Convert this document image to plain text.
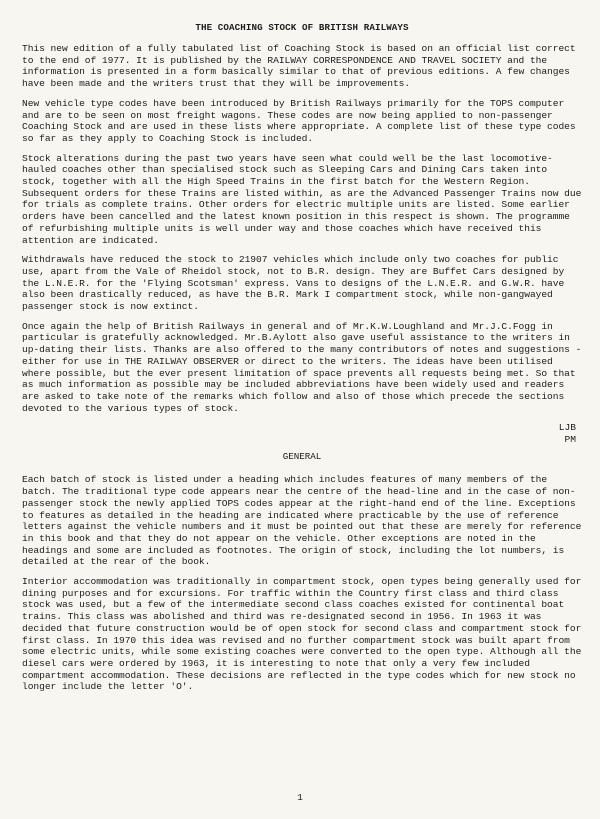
THE COACHING STOCK OF BRITISH RAILWAYS

This new edition of a fully tabulated list of Coaching Stock is based on an official list correct to the end of 1977. It is published by the RAILWAY CORRESPONDENCE AND TRAVEL SOCIETY and the information is presented in a form basically similar to that of previous editions. A few changes have been made and the writers trust that they will be improvements.

New vehicle type codes have been introduced by British Railways primarily for the TOPS computer and are to be seen on most freight wagons. These codes are now being applied to non-passenger Coaching Stock and are used in these lists where appropriate. A complete list of these type codes so far as they apply to Coaching Stock is included.

Stock alterations during the past two years have seen what could well be the last locomotive-hauled coaches other than specialised stock such as Sleeping Cars and Dining Cars taken into stock, together with all the High Speed Trains in the first batch for the Western Region. Subsequent orders for these Trains are listed within, as are the Advanced Passenger Trains now due for trials as complete trains. Other orders for electric multiple units are listed. Some earlier orders have been cancelled and the latest known position in this respect is shown. The programme of refurbishing multiple units is well under way and those coaches which have received this attention are indicated.

Withdrawals have reduced the stock to 21907 vehicles which include only two coaches for public use, apart from the Vale of Rheidol stock, not to B.R. design. They are Buffet Cars designed by the L.N.E.R. for the 'Flying Scotsman' express. Vans to designs of the L.N.E.R. and G.W.R. have also been drastically reduced, as have the B.R. Mark I compartment stock, while non-gangwayed passenger stock is now extinct.

Once again the help of British Railways in general and of Mr.K.W.Loughland and Mr.J.C.Fogg in particular is gratefully acknowledged. Mr.B.Aylott also gave useful assistance to the writers in up-dating their lists. Thanks are also offered to the many contributors of notes and suggestions - either for use in THE RAILWAY OBSERVER or direct to the writers. The ideas have been utilised where possible, but the ever present limitation of space prevents all requests being met. So that as much information as possible may be included abbreviations have been widely used and readers are asked to take note of the remarks which follow and also of those which precede the sections devoted to the various types of stock.

LJB
PM
GENERAL

Each batch of stock is listed under a heading which includes features of many members of the batch. The traditional type code appears near the centre of the head-line and in the case of non-passenger stock the newly applied TOPS codes appear at the right-hand end of the line. Exceptions to features as detailed in the heading are indicated where practicable by the use of reference letters against the vehicle numbers and it must be pointed out that these are merely for reference in this book and that they do not appear on the vehicle. Other exceptions are noted in the headings and some are included as footnotes. The origin of stock, including the lot numbers, is detailed at the rear of the book.

Interior accommodation was traditionally in compartment stock, open types being generally used for dining purposes and for excursions. For traffic within the Country first class and third class stock was used, but a few of the intermediate second class coaches existed for continental boat trains. This class was abolished and third was re-designated second in 1956. In 1963 it was decided that future construction would be of open stock for second class and compartment stock for first class. In 1970 this idea was revised and no further compartment stock was built apart from some electric units, while some existing coaches were converted to the open type. Although all the diesel cars were ordered by 1963, it is interesting to note that only a very few included compartment accommodation. These decisions are reflected in the type codes which for new stock no longer include the letter 'O'.

1
